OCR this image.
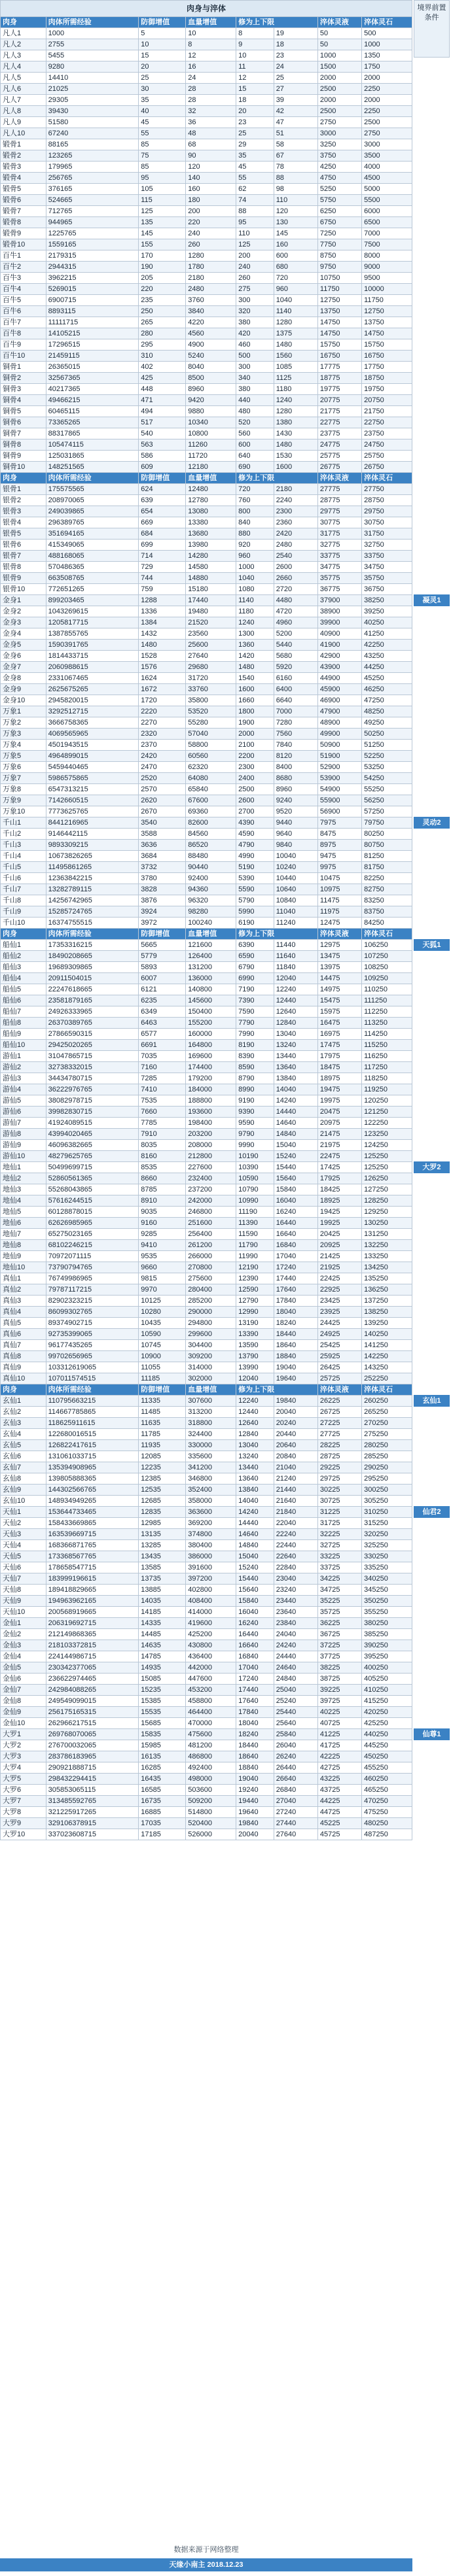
肉身与淬体							
肉身	肉体所需经验	防御增值	血量增值	修为上下限		淬体灵液	淬体灵石
凡人1	1000	5	10	8	19	50	500
凡人2	2755	10	8	9	18	50	1000
凡人3	5455	15	12	10	23	1000	1350
凡人4	9280	20	16	11	24	1500	1750
凡人5	14410	25	24	12	25	2000	2000
凡人6	21025	30	28	15	27	2500	2250
凡人7	29305	35	28	18	39	2000	2000
凡人8	39430	40	32	20	42	2500	2250
凡人9	51580	45	36	23	47	2750	2500
凡人10	67240	55	48	25	51	3000	2750
锻骨1	88165	85	68	29	58	3250	3000
锻骨2	123265	75	90	35	67	3750	3500
锻骨3	179965	85	120	45	78	4250	4000
锻骨4	256765	95	140	55	88	4750	4500
锻骨5	376165	105	160	62	98	5250	5000
锻骨6	524665	115	180	74	110	5750	5500
锻骨7	712765	125	200	88	120	6250	6000
锻骨8	944965	135	220	95	130	6750	6500
锻骨9	1225765	145	240	110	145	7250	7000
锻骨10	1559165	155	260	125	160	7750	7500
百牛1	2179315	170	1280	200	600	8750	8000
百牛2	2944315	190	1780	240	680	9750	9000
百牛3	3962215	205	2180	260	720	10750	9500
百牛4	5269015	220	2480	275	960	11750	10000
百牛5	6900715	235	3760	300	1040	12750	11750
百牛6	8893115	250	3840	320	1140	13750	12750
百牛7	11111715	265	4220	380	1280	14750	13750
百牛8	14105215	280	4560	420	1375	14750	14750
百牛9	17296515	295	4900	460	1480	15750	15750
百牛10	21459115	310	5240	500	1560	16750	16750
铜骨1	26365015	402	8040	300	1085	17775	17750
铜骨2	32567365	425	8500	340	1125	18775	18750
铜骨3	40217365	448	8960	380	1180	19775	19750
铜骨4	49466215	471	9420	440	1240	20775	20750
铜骨5	60465115	494	9880	480	1280	21775	21750
铜骨6	73365265	517	10340	520	1380	22775	22750
铜骨7	88317865	540	10800	560	1430	23775	23750
铜骨8	105474115	563	11260	600	1480	24775	24750
铜骨9	125031865	586	11720	640	1530	25775	25750
铜骨10	148251565	609	12180	690	1600	26775	26750
肉身	肉体所需经验	防御增值	血量增值	修为上下限		淬体灵液	淬体灵石
银骨1	175575565	624	12480	720	2180	27775	27750
银骨2	208970065	639	12780	760	2240	28775	28750
银骨3	249039865	654	13080	800	2300	29775	29750
银骨4	296389765	669	13380	840	2360	30775	30750
银骨5	351694165	684	13680	880	2420	31775	31750
银骨6	415349065	699	13980	920	2480	32775	32750
银骨7	488168065	714	14280	960	2540	33775	33750
银骨8	570486365	729	14580	1000	2600	34775	34750
银骨9	663508765	744	14880	1040	2660	35775	35750
银骨10	772651265	759	15180	1080	2720	36775	36750
金身1	899203465	1288	17440	1140	4480	37900	38250
金身2	1043269615	1336	19480	1180	4720	38900	39250
金身3	1205817715	1384	21520	1240	4960	39900	40250
金身4	1387855765	1432	23560	1300	5200	40900	41250
金身5	1590391765	1480	25600	1360	5440	41900	42250
金身6	1814433715	1528	27640	1420	5680	42900	43250
金身7	2060988615	1576	29680	1480	5920	43900	44250
金身8	2331067465	1624	31720	1540	6160	44900	45250
金身9	2625675265	1672	33760	1600	6400	45900	46250
金身10	2945820015	1720	35800	1660	6640	46900	47250
万象1	3292512715	2220	53520	1800	7000	47900	48250
万象2	3666758365	2270	55280	1900	7280	48900	49250
万象3	4069565965	2320	57040	2000	7560	49900	50250
万象4	4501943515	2370	58800	2100	7840	50900	51250
万象5	4964899015	2420	60560	2200	8120	51900	52250
万象6	5459440465	2470	62320	2300	8400	52900	53250
万象7	5986575865	2520	64080	2400	8680	53900	54250
万象8	6547313215	2570	65840	2500	8960	54900	55250
万象9	7142660515	2620	67600	2600	9240	55900	56250
万象10	7773625765	2670	69360	2700	9520	56900	57250
千山1	8441216965	3540	82600	4390	9440	7975	79750
千山2	9146442115	3588	84560	4590	9640	8475	80250
千山3	9893309215	3636	86520	4790	9840	8975	80750
千山4	10673826265	3684	88480	4990	10040	9475	81250
千山5	11495861265	3732	90440	5190	10240	9975	81750
千山6	12363842215	3780	92400	5390	10440	10475	82250
千山7	13282789115	3828	94360	5590	10640	10975	82750
千山8	14256742965	3876	96320	5790	10840	11475	83250
千山9	15285724765	3924	98280	5990	11040	11975	83750
千山10	16374755515	3972	100240	6190	11240	12475	84250
肉身	肉体所需经验	防御增值	血量增值	修为上下限		淬体灵液	淬体灵石
船仙1	17353316215	5665	121600	6390	11440	12975	106250
船仙2	18490208665	5779	126400	6590	11640	13475	107250
船仙3	19689309865	5893	131200	6790	11840	13975	108250
船仙4	20911504015	6007	136000	6990	12040	14475	109250
船仙5	22247618665	6121	140800	7190	12240	14975	110250
船仙6	23581879165	6235	145600	7390	12440	15475	111250
船仙7	24926333965	6349	150400	7590	12640	15975	112250
船仙8	26370389765	6463	155200	7790	12840	16475	113250
船仙9	27866590315	6577	160000	7990	13040	16975	114250
船仙10	29425020265	6691	164800	8190	13240	17475	115250
游仙1	31047865715	7035	169600	8390	13440	17975	116250
游仙2	32738332015	7160	174400	8590	13640	18475	117250
游仙3	34434780715	7285	179200	8790	13840	18975	118250
游仙4	36222976765	7410	184000	8990	14040	19475	119250
游仙5	38082978715	7535	188800	9190	14240	19975	120250
游仙6	39982830715	7660	193600	9390	14440	20475	121250
游仙7	41924089515	7785	198400	9590	14640	20975	122250
游仙8	43994020465	7910	203200	9790	14840	21475	123250
游仙9	46096382665	8035	208000	9990	15040	21975	124250
游仙10	48279625765	8160	212800	10190	15240	22475	125250
地仙1	50499699715	8535	227600	10390	15440	17425	125250
地仙2	52860561365	8660	232400	10590	15640	17925	126250
地仙3	55268043865	8785	237200	10790	15840	18425	127250
地仙4	57616244515	8910	242000	10990	16040	18925	128250
地仙5	60128878015	9035	246800	11190	16240	19425	129250
地仙6	62626985965	9160	251600	11390	16440	19925	130250
地仙7	65275023165	9285	256400	11590	16640	20425	131250
地仙8	68102246215	9410	261200	11790	16840	20925	132250
地仙9	70972071115	9535	266000	11990	17040	21425	133250
地仙10	73790794765	9660	270800	12190	17240	21925	134250
真仙1	76749986965	9815	275600	12390	17440	22425	135250
真仙2	79787117215	9970	280400	12590	17640	22925	136250
真仙3	82902323215	10125	285200	12790	17840	23425	137250
真仙4	86099302765	10280	290000	12990	18040	23925	138250
真仙5	89374902715	10435	294800	13190	18240	24425	139250
真仙6	92735399065	10590	299600	13390	18440	24925	140250
真仙7	96177435265	10745	304400	13590	18640	25425	141250
真仙8	99702656965	10900	309200	13790	18840	25925	142250
真仙9	103312619065	11055	314000	13990	19040	26425	143250
真仙10	107011574515	11185	302000	12040	19640	25725	252250
肉身	肉体所需经验	防御增值	血量增值	修为上下限		淬体灵液	淬体灵石
玄仙1	110795663215	11335	307600	12240	19840	26225	260250
玄仙2	114667785865	11485	313200	12440	20040	26725	265250
玄仙3	118625911615	11635	318800	12640	20240	27225	270250
玄仙4	122680016515	11785	324400	12840	20440	27725	275250
玄仙5	126822417615	11935	330000	13040	20640	28225	280250
玄仙6	131061033715	12085	335600	13240	20840	28725	285250
玄仙7	135394908965	12235	341200	13440	21040	29225	290250
玄仙8	139805888365	12385	346800	13640	21240	29725	295250
玄仙9	144302566765	12535	352400	13840	21440	30225	300250
玄仙10	148934949265	12685	358000	14040	21640	30725	305250
天仙1	153644733465	12835	363600	14240	21840	31225	310250
天仙2	158433669865	12985	369200	14440	22040	31725	315250
天仙3	163539669715	13135	374800	14640	22240	32225	320250
天仙4	168366871765	13285	380400	14840	22440	32725	325250
天仙5	173368567765	13435	386000	15040	22640	33225	330250
天仙6	178658547715	13585	391600	15240	22840	33725	335250
天仙7	183999196615	13735	397200	15440	23040	34225	340250
天仙8	189418829665	13885	402800	15640	23240	34725	345250
天仙9	194963962165	14035	408400	15840	23440	35225	350250
天仙10	200568919665	14185	414000	16040	23640	35725	355250
金仙1	206319692715	14335	419600	16240	23840	36225	380250
金仙2	212149868365	14485	425200	16440	24040	36725	385250
金仙3	218103372815	14635	430800	16640	24240	37225	390250
金仙4	224144986715	14785	436400	16840	24440	37725	395250
金仙5	230342377065	14935	442000	17040	24640	38225	400250
金仙6	236622974465	15085	447600	17240	24840	38725	405250
金仙7	242984088265	15235	453200	17440	25040	39225	410250
金仙8	249549099015	15385	458800	17640	25240	39725	415250
金仙9	256175165315	15535	464400	17840	25440	40225	420250
金仙10	262966217515	15685	470000	18040	25640	40725	425250
大罗1	269768070065	15835	475600	18240	25840	41225	440250
大罗2	276700032065	15985	481200	18440	26040	41725	445250
大罗3	283786183965	16135	486800	18640	26240	42225	450250
大罗4	290921888715	16285	492400	18840	26440	42725	455250
大罗5	298432294415	16435	498000	19040	26640	43225	460250
大罗6	305853065115	16585	503600	19240	26840	43725	465250
大罗7	313485592765	16735	509200	19440	27040	44225	470250
大罗8	321225917265	16885	514800	19640	27240	44725	475250
大罗9	329106378915	17035	520400	19840	27440	45225	480250
大罗10	337023608715	17185	526000	20040	27640	45725	487250
境界前置条件
凝灵1
灵动2
天狐1
大罗2
玄仙1
仙君2
仙尊1
数据来源于网络整理
天缘小南主 2018.12.23
